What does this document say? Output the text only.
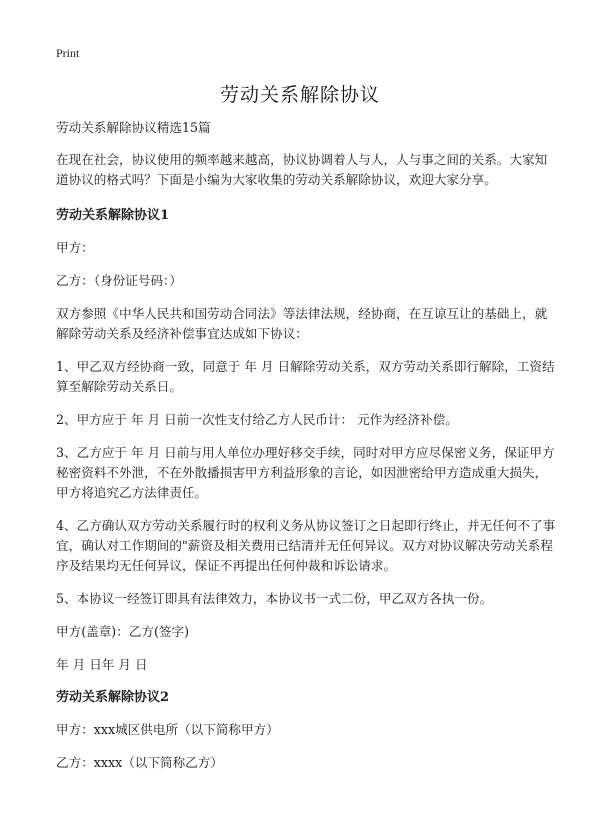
Print
劳动关系解除协议

劳动关系解除协议精选15篇

在现在社会，协议使用的频率越来越高，协议协调着人与人，人与事之间的关系。大家知道协议的格式吗？下面是小编为大家收集的劳动关系解除协议，欢迎大家分享。

劳动关系解除协议1

甲方：

乙方：（身份证号码：）

双方参照《中华人民共和国劳动合同法》等法律法规，经协商，在互谅互让的基础上，就解除劳动关系及经济补偿事宜达成如下协议：

1、甲乙双方经协商一致，同意于 年 月 日解除劳动关系，双方劳动关系即行解除，工资结算至解除劳动关系日。

2、甲方应于 年 月 日前一次性支付给乙方人民币计： 元作为经济补偿。

3、乙方应于 年 月 日前与用人单位办理好移交手续，同时对甲方应尽保密义务，保证甲方秘密资料不外泄，不在外散播损害甲方利益形象的言论，如因泄密给甲方造成重大损失，甲方将追究乙方法律责任。

4、乙方确认双方劳动关系履行时的权利义务从协议签订之日起即行终止，并无任何不了事宜，确认对工作期间的"薪资及相关费用已结清并无任何异议。双方对协议解决劳动关系程序及结果均无任何异议，保证不再提出任何仲裁和诉讼请求。

5、本协议一经签订即具有法律效力，本协议书一式二份，甲乙双方各执一份。

甲方(盖章)：乙方(签字)

年 月 日年 月 日

劳动关系解除协议2

甲方：xxx城区供电所（以下简称甲方）

乙方：xxxx（以下简称乙方）
